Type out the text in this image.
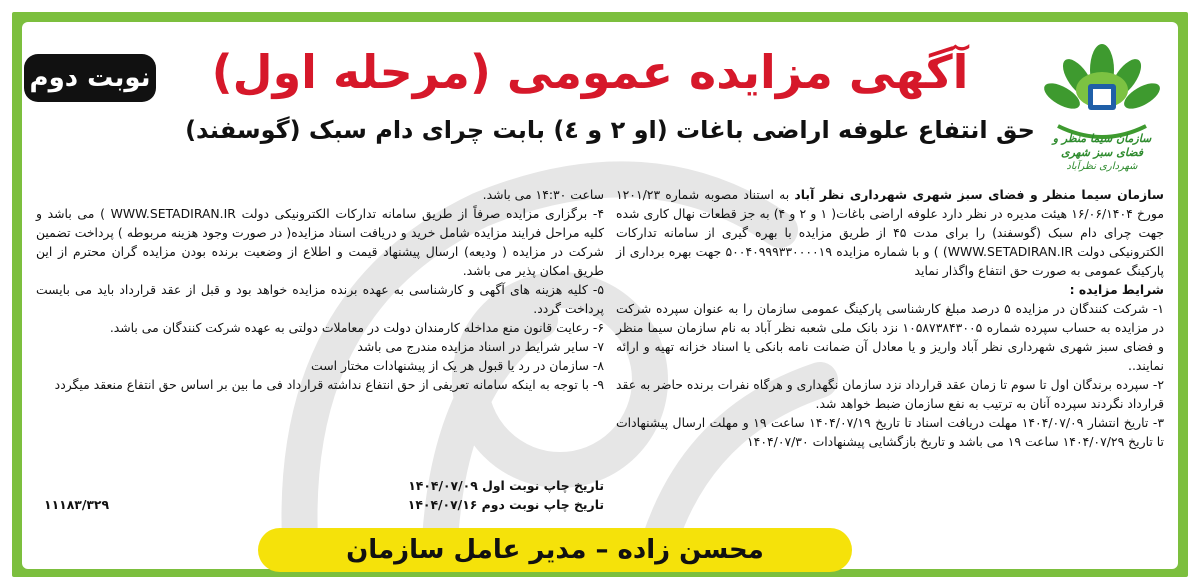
نوبت دوم
سازمان سیما منظر و فضای سبز شهری
شهرداری نظرآباد
آگهی مزایده عمومی (مرحله اول)
حق انتفاع علوفه اراضی باغات (او ۲ و ٤) بابت چرای دام سبک (گوسفند)

سازمان سیما منظر و فضای سبز شهری شهرداری نظر آباد به استناد مصوبه شماره ۱۲۰۱/۲۳ مورخ ۱۶/۰۶/۱۴۰۴ هیئت مدیره در نظر دارد علوفه اراضی باغات( ۱ و ۲ و ۴) به جز قطعات نهال کاری شده جهت چرای دام سبک (گوسفند) را برای مدت ۴۵ از طریق مزایده با بهره گیری از سامانه تدارکات الکترونیکی دولت (WWW.SETADIRAN.IR ) و با شماره مزایده ۵۰۰۴۰۹۹۹۳۳۰۰۰۰۱۹ جهت بهره برداری از پارکینگ عمومی به صورت حق انتفاع واگذار نماید

شرایط مزایده :

۱- شرکت کنندگان در مزایده ۵ درصد مبلغ کارشناسی پارکینگ عمومی سازمان را به عنوان سپرده شرکت در مزایده به حساب سپرده شماره ۱۰۵۸۷۳۸۴۳۰۰۵ نزد بانک ملی شعبه نظر آباد به نام سازمان سیما منظر و فضای سبز شهری شهرداری نظر آباد واریز و یا معادل آن ضمانت نامه بانکی یا اسناد خزانه تهیه و ارائه نمایند..

۲- سپرده برندگان اول تا سوم تا زمان عقد قرارداد نزد سازمان نگهداری و هرگاه نفرات برنده حاضر به عقد قرارداد نگردند سپرده آنان به ترتیب به نفع سازمان ضبط خواهد شد.

۳- تاریخ انتشار ۱۴۰۴/۰۷/۰۹ مهلت دریافت اسناد تا تاریخ ۱۴۰۴/۰۷/۱۹ ساعت ۱۹ و مهلت ارسال پیشنهادات تا تاریخ ۱۴۰۴/۰۷/۲۹ ساعت ۱۹ می باشد و تاریخ بازگشایی پیشنهادات ۱۴۰۴/۰۷/۳۰

ساعت ۱۴:۳۰ می باشد.

۴- برگزاری مزایده صرفاً از طریق سامانه تدارکات الکترونیکی دولت WWW.SETADIRAN.IR ) می باشد و کلیه مراحل فرایند مزایده شامل خرید و دریافت اسناد مزایده( در صورت وجود هزینه مربوطه ) پرداخت تضمین شرکت در مزایده ( ودیعه) ارسال پیشنهاد قیمت و اطلاع از وضعیت برنده بودن مزایده گران محترم از این طریق امکان پذیر می باشد.

۵- کلیه هزینه های آگهی و کارشناسی به عهده برنده مزایده خواهد بود و قبل از عقد قرارداد باید می بایست پرداخت گردد.

۶- رعایت قانون منع مداخله کارمندان دولت در معاملات دولتی به عهده شرکت کنندگان می باشد.

۷- سایر شرایط در اسناد مزایده مندرج می باشد

۸- سازمان در رد یا قبول هر یک از پیشنهادات مختار است

۹- با توجه به اینکه سامانه تعریفی از حق انتفاع نداشته قرارداد فی ما بین بر اساس حق انتفاع منعقد میگردد

تاریخ چاپ نوبت اول ۱۴۰۴/۰۷/۰۹
تاریخ چاپ نوبت دوم ۱۴۰۴/۰۷/۱۶
۱۱۱۸۳/۳۲۹
محسن زاده – مدیر عامل سازمان
